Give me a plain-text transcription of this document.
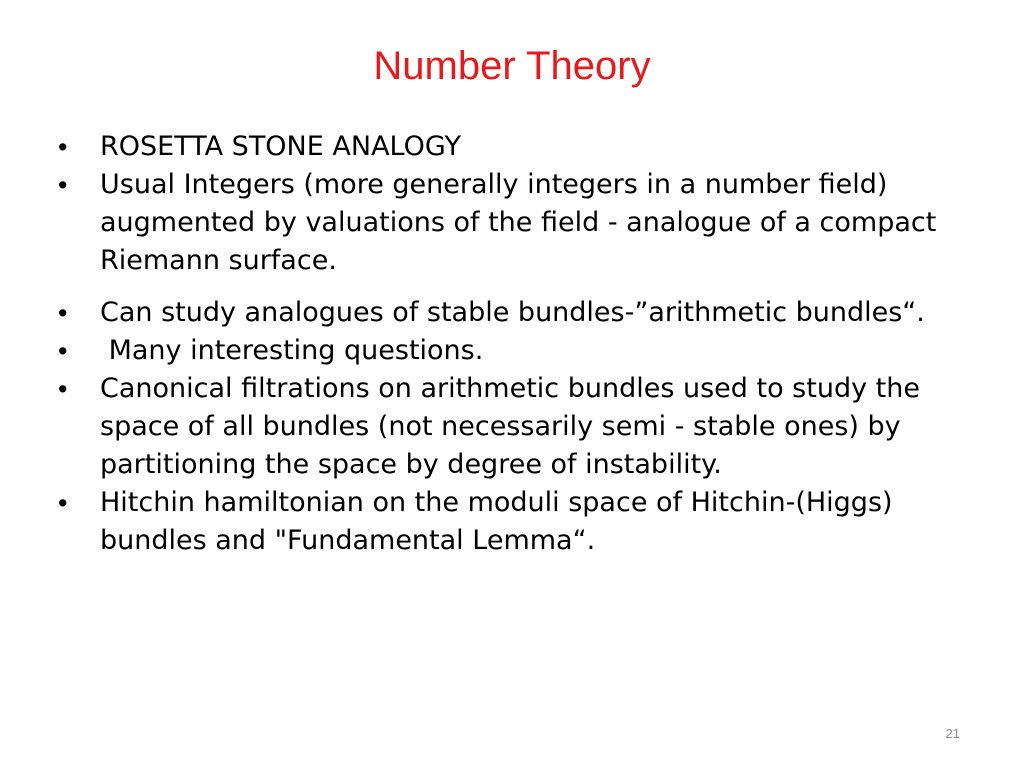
Number Theory
• ROSETTA STONE ANALOGY
• Usual Integers (more generally integers in a number field) augmented by valuations of the field - analogue of a compact Riemann surface.
• Can study analogues of stable bundles-”arithmetic bundles“.
• Many interesting questions.
• Canonical filtrations on arithmetic bundles used to study the space of all bundles (not necessarily semi - stable ones) by partitioning the space by degree of instability.
• Hitchin hamiltonian on the moduli space of Hitchin-(Higgs) bundles and "Fundamental Lemma“.
21
